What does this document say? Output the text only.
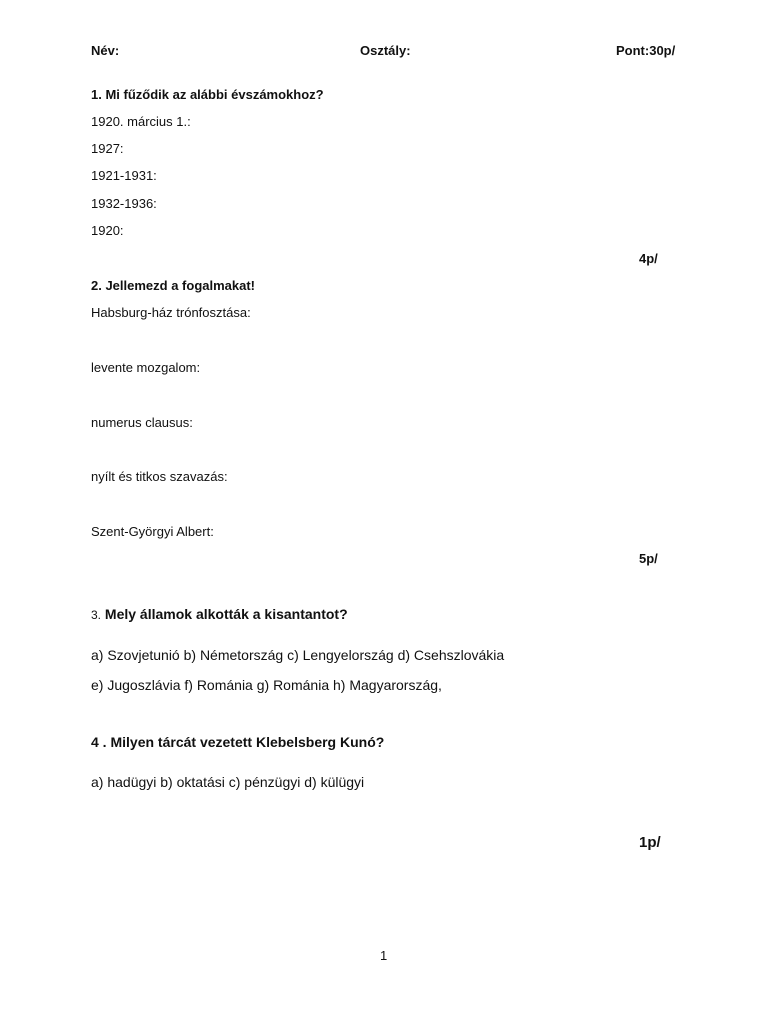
Név:	Osztály:	Pont:30p/
1. Mi fűződik az alábbi évszámokhoz?
1920. március 1.:
1927:
1921-1931:
1932-1936:
1920:
4p/
2. Jellemezd a fogalmakat!
Habsburg-ház trónfosztása:
levente mozgalom:
numerus clausus:
nyílt és titkos szavazás:
Szent-Györgyi Albert:
5p/
3. Mely államok alkották a kisantantot?
a) Szovjetunió b) Németország c) Lengyelország d) Csehszlovákia
e) Jugoszlávia f) Románia g) Románia h) Magyarország,
4 . Milyen tárcát vezetett Klebelsberg Kunó?
a) hadügyi b) oktatási c) pénzügyi d) külügyi
1p/
1
